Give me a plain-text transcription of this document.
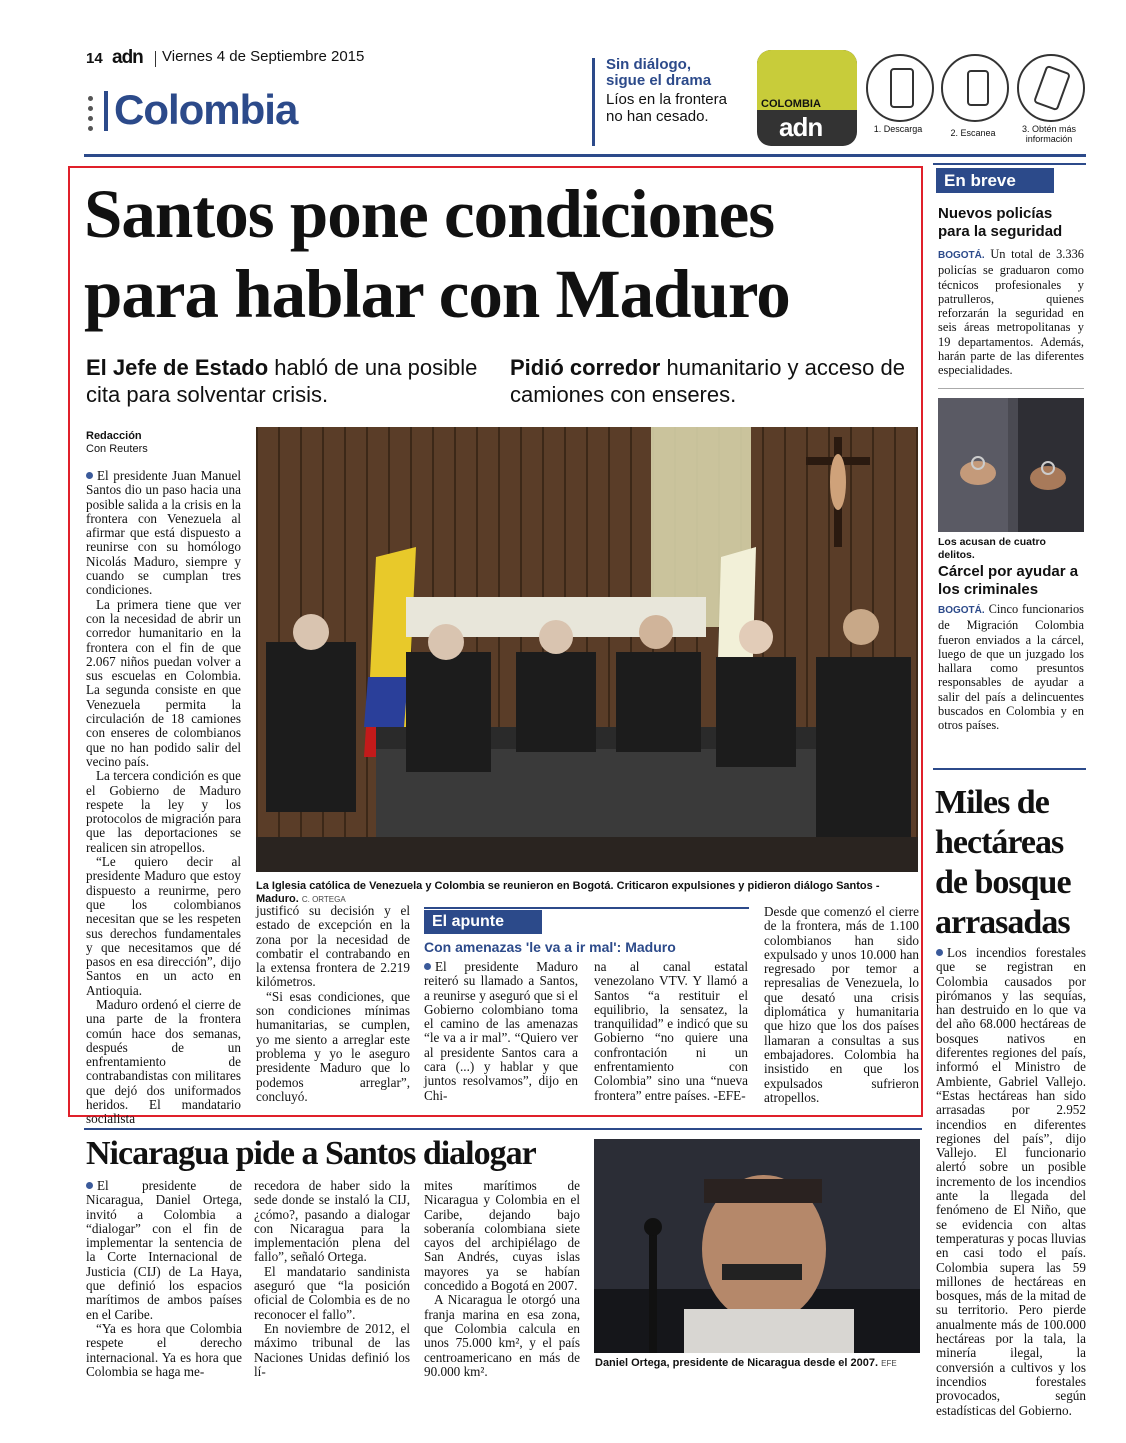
14 adn Viernes 4 de Septiembre 2015
Colombia
Sin diálogo, sigue el drama
Líos en la frontera no han cesado.
COLOMBIA
adn	1. Descarga	2. Escanea	3. Obtén más información
Santos pone condiciones para hablar con Maduro
El Jefe de Estado habló de una posible cita para solventar crisis.
Pidió corredor humanitario y acceso de camiones con enseres.
Redacción
Con Reuters

El presidente Juan Manuel Santos dio un paso hacia una posible salida a la crisis en la frontera con Venezuela al afirmar que está dispuesto a reunirse con su homólogo Nicolás Maduro, siempre y cuando se cumplan tres condiciones.

La primera tiene que ver con la necesidad de abrir un corredor humanitario en la frontera con el fin de que 2.067 niños puedan volver a sus escuelas en Colombia. La segunda consiste en que Venezuela permita la circulación de 18 camiones con enseres de colombianos que no han podido salir del vecino país.

La tercera condición es que el Gobierno de Maduro respete la ley y los protocolos de migración para que las deportaciones se realicen sin atropellos.

“Le quiero decir al presidente Maduro que estoy dispuesto a reunirme, pero que los colombianos necesitan que se les respeten sus derechos fundamentales y que necesitamos que dé pasos en esa dirección”, dijo Santos en un acto en Antioquia.

Maduro ordenó el cierre de una parte de la frontera común hace dos semanas, después de un enfrentamiento de contrabandistas con militares que dejó dos uniformados heridos. El mandatario socialista

La Iglesia católica de Venezuela y Colombia se reunieron en Bogotá. Criticaron expulsiones y pidieron diálogo Santos -Maduro. C. ORTEGA

justificó su decisión y el estado de excepción en la zona por la necesidad de combatir el contrabando en la extensa frontera de 2.219 kilómetros.

“Si esas condiciones, que son condiciones mínimas humanitarias, se cumplen, yo me siento a arreglar este problema y yo le aseguro presidente Maduro que lo podemos arreglar”, concluyó.

El apunte
Con amenazas 'le va a ir mal': Maduro

El presidente Maduro reiteró su llamado a Santos, a reunirse y aseguró que si el Gobierno colombiano toma el camino de las amenazas “le va a ir mal”. “Quiero ver al presidente Santos cara a cara (...) y hablar y que juntos resolvamos”, dijo en Chi-

na al canal estatal venezolano VTV. Y llamó a Santos “a restituir el equilibrio, la sensatez, la tranquilidad” e indicó que su Gobierno “no quiere una confrontación ni un enfrentamiento con Colombia” sino una “nueva frontera” entre países. -EFE-

Desde que comenzó el cierre de la frontera, más de 1.100 colombianos han sido expulsado y unos 10.000 han regresado por temor a represalias de Venezuela, lo que desató una crisis diplomática y humanitaria que hizo que los dos países llamaran a consultas a sus embajadores. Colombia ha insistido en que los expulsados sufrieron atropellos.

En breve
Nuevos policías para la seguridad

BOGOTÁ. Un total de 3.336 policías se graduaron como técnicos profesionales y patrulleros, quienes reforzarán la seguridad en seis áreas metropolitanas y 19 departamentos. Además, harán parte de las diferentes especialidades.

Los acusan de cuatro delitos.
Cárcel por ayudar a los criminales

BOGOTÁ. Cinco funcionarios de Migración Colombia fueron enviados a la cárcel, luego de que un juzgado los hallara como presuntos responsables de ayudar a salir del país a delincuentes buscados en Colombia y en otros países.

Miles de hectáreas de bosque arrasadas

Los incendios forestales que se registran en Colombia causados por pirómanos y las sequías, han destruido en lo que va del año 68.000 hectáreas de bosques nativos en diferentes regiones del país, informó el Ministro de Ambiente, Gabriel Vallejo. “Estas hectáreas han sido arrasadas por 2.952 incendios en diferentes regiones del país”, dijo Vallejo. El funcionario alertó sobre un posible incremento de los incendios ante la llegada del fenómeno de El Niño, que se evidencia con altas temperaturas y pocas lluvias en casi todo el país. Colombia supera las 59 millones de hectáreas en bosques, más de la mitad de su territorio. Pero pierde anualmente más de 100.000 hectáreas por la tala, la minería ilegal, la conversión a cultivos y los incendios forestales provocados, según estadísticas del Gobierno.

Nicaragua pide a Santos dialogar

El presidente de Nicaragua, Daniel Ortega, invitó a Colombia a “dialogar” con el fin de implementar la sentencia de la Corte Internacional de Justicia (CIJ) de La Haya, que definió los espacios marítimos de ambos países en el Caribe.

“Ya es hora que Colombia respete el derecho internacional. Ya es hora que Colombia se haga me-

recedora de haber sido la sede donde se instaló la CIJ, ¿cómo?, pasando a dialogar con Nicaragua para la implementación plena del fallo”, señaló Ortega.

El mandatario sandinista aseguró que “la posición oficial de Colombia es de no reconocer el fallo”.

En noviembre de 2012, el máximo tribunal de las Naciones Unidas definió los lí-

mites marítimos de Nicaragua y Colombia en el Caribe, dejando bajo soberanía colombiana siete cayos del archipiélago de San Andrés, cuyas islas mayores ya se habían concedido a Bogotá en 2007.

A Nicaragua le otorgó una franja marina en esa zona, que Colombia calcula en unos 75.000 km², y el país centroamericano en más de 90.000 km².

Daniel Ortega, presidente de Nicaragua desde el 2007. EFE
